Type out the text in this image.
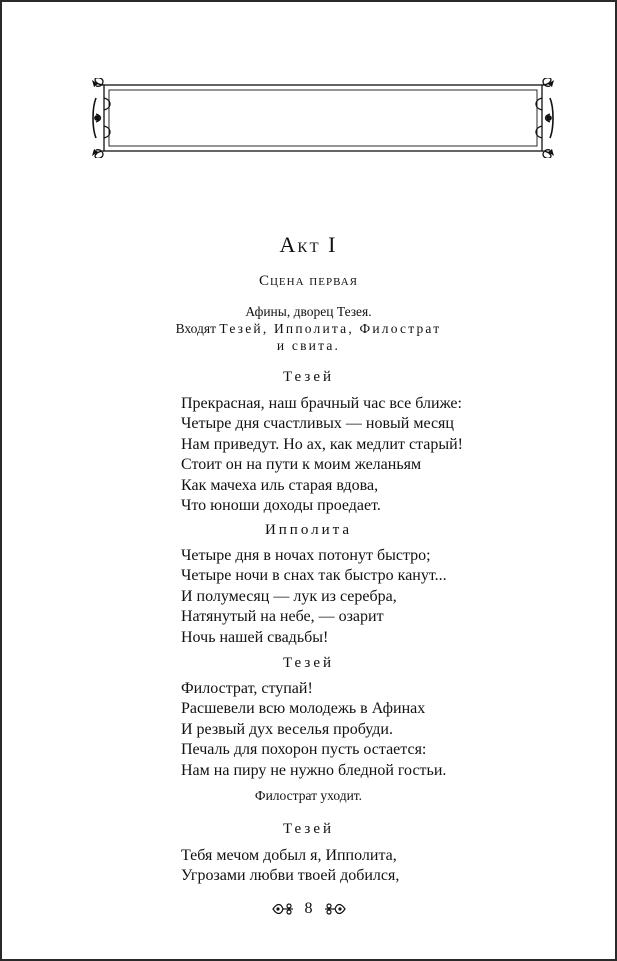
Акт I
Сцена первая
Афины, дворец Тезея.
Входят Тезей, Ипполита, Филострат
и свита.
Тезей
Прекрасная, наш брачный час все ближе:
Четыре дня счастливых — новый месяц
Нам приведут. Но ах, как медлит старый!
Стоит он на пути к моим желаньям
Как мачеха иль старая вдова,
Что юноши доходы проедает.
Ипполита
Четыре дня в ночах потонут быстро;
Четыре ночи в снах так быстро канут...
И полумесяц — лук из серебра,
Натянутый на небе, — озарит
Ночь нашей свадьбы!
Тезей
Филострат, ступай!
Расшевели всю молодежь в Афинах
И резвый дух веселья пробуди.
Печаль для похорон пусть остается:
Нам на пиру не нужно бледной гостьи.
Филострат уходит.
Тезей
Тебя мечом добыл я, Ипполита,
Угрозами любви твоей добился,
8
